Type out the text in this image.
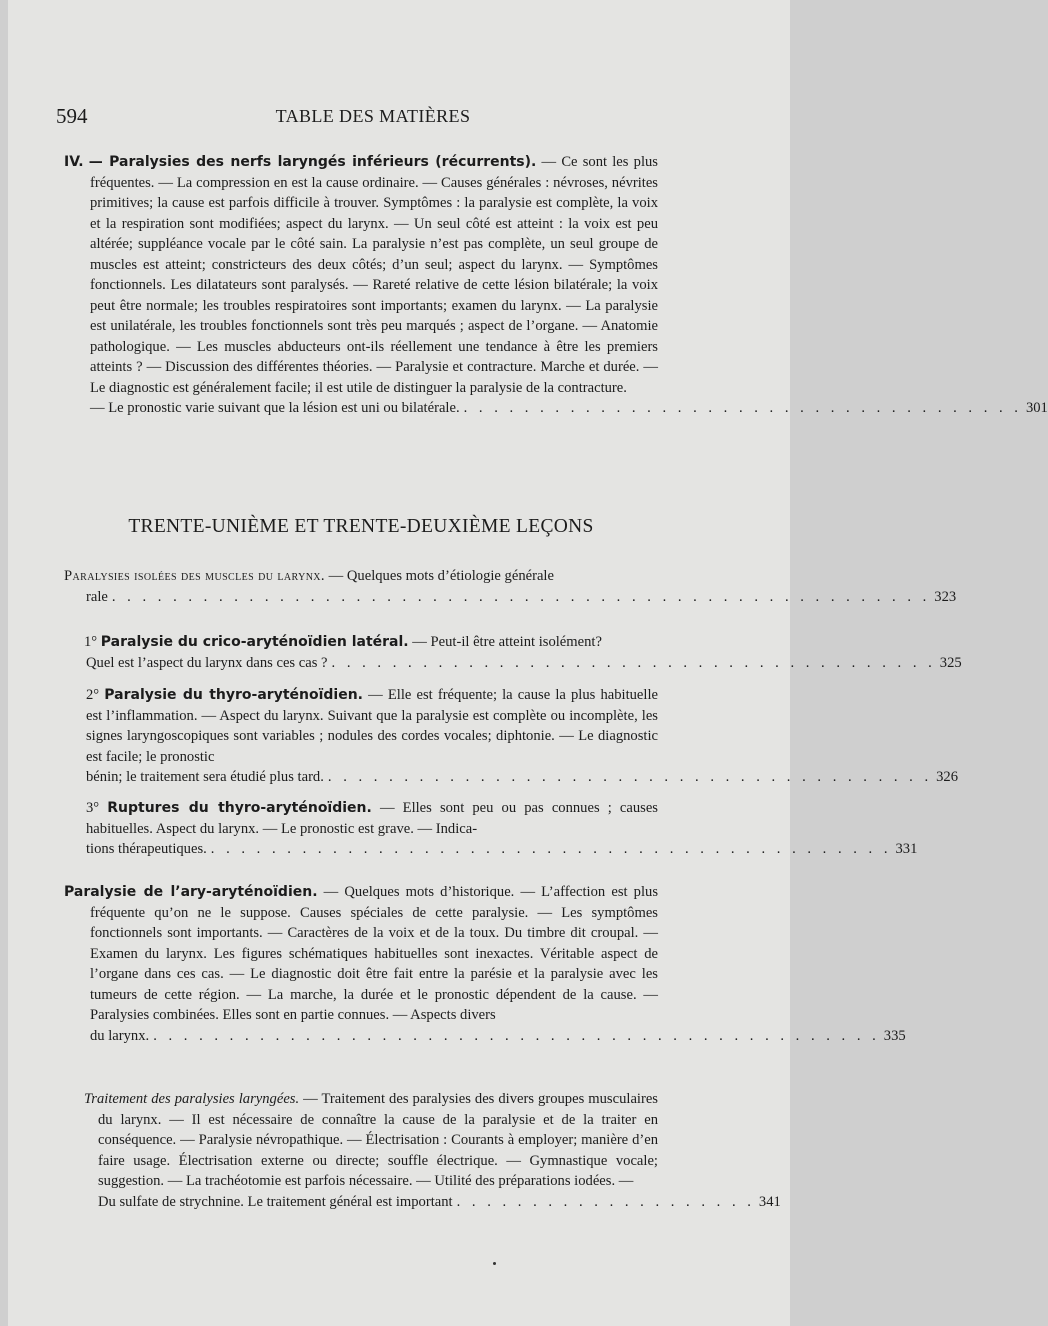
594	TABLE DES MATIÈRES
IV. — Paralysies des nerfs laryngés inférieurs (récurrents). — Ce sont les plus fréquentes. — La compression en est la cause ordinaire. — Causes générales : névroses, névrites primitives; la cause est parfois difficile à trouver. Symptômes : la paralysie est complète, la voix et la respiration sont modifiées; aspect du larynx. — Un seul côté est atteint : la voix est peu altérée; suppléance vocale par le côté sain. La paralysie n’est pas complète, un seul groupe de muscles est atteint; constricteurs des deux côtés; d’un seul; aspect du larynx. — Symptômes fonctionnels. Les dilatateurs sont paralysés. — Rareté relative de cette lésion bilatérale; la voix peut être normale; les troubles respiratoires sont importants; examen du larynx. — La paralysie est unilatérale, les troubles fonctionnels sont très peu marqués ; aspect de l’organe. — Anatomie pathologique. — Les muscles abducteurs ont-ils réellement une tendance à être les premiers atteints ? — Discussion des différentes théories. — Paralysie et contracture. Marche et durée. — Le diagnostic est généralement facile; il est utile de distinguer la paralysie de la contracture.
— Le pronostic varie suivant que la lésion est uni ou bilatérale. . . . . . . . . . . . . . . . . . . . . . . . . . . . . . . . . . . . . . 301
TRENTE-UNIÈME ET TRENTE-DEUXIÈME LEÇONS
Paralysies isolées des muscles du larynx. — Quelques mots d’étiologie générale
rale . . . . . . . . . . . . . . . . . . . . . . . . . . . . . . . . . . . . . . . . . . . . . . . . . . . . . . 323
1° Paralysie du crico-aryténoïdien latéral. — Peut-il être atteint isolément?
Quel est l’aspect du larynx dans ces cas ? . . . . . . . . . . . . . . . . . . . . . . . . . . . . . . . . . . . . . . . . 325
2° Paralysie du thyro-aryténoïdien. — Elle est fréquente; la cause la plus habituelle est l’inflammation. — Aspect du larynx. Suivant que la paralysie est complète ou incomplète, les signes laryngoscopiques sont variables ; nodules des cordes vocales; diphtonie. — Le diagnostic est facile; le pronostic
bénin; le traitement sera étudié plus tard. . . . . . . . . . . . . . . . . . . . . . . . . . . . . . . . . . . . . . . . . 326
3° Ruptures du thyro-aryténoïdien. — Elles sont peu ou pas connues ; causes habituelles. Aspect du larynx. — Le pronostic est grave. — Indica-
tions thérapeutiques. . . . . . . . . . . . . . . . . . . . . . . . . . . . . . . . . . . . . . . . . . . . . . 331
Paralysie de l’ary-aryténoïdien. — Quelques mots d’historique. — L’affection est plus fréquente qu’on ne le suppose. Causes spéciales de cette paralysie. — Les symptômes fonctionnels sont importants. — Caractères de la voix et de la toux. Du timbre dit croupal. — Examen du larynx. Les figures schématiques habituelles sont inexactes. Véritable aspect de l’organe dans ces cas. — Le diagnostic doit être fait entre la parésie et la paralysie avec les tumeurs de cette région. — La marche, la durée et le pronostic dépendent de la cause. — Paralysies combinées. Elles sont en partie connues. — Aspects divers
du larynx. . . . . . . . . . . . . . . . . . . . . . . . . . . . . . . . . . . . . . . . . . . . . . . . . 335
Traitement des paralysies laryngées. — Traitement des paralysies des divers groupes musculaires du larynx. — Il est nécessaire de connaître la cause de la paralysie et de la traiter en conséquence. — Paralysie névropathique. — Électrisation : Courants à employer; manière d’en faire usage. Électrisation externe ou directe; souffle électrique. — Gymnastique vocale; suggestion. — La trachéotomie est parfois nécessaire. — Utilité des préparations iodées. —
Du sulfate de strychnine. Le traitement général est important . . . . . . . . . . . . . . . . . . . . 341
